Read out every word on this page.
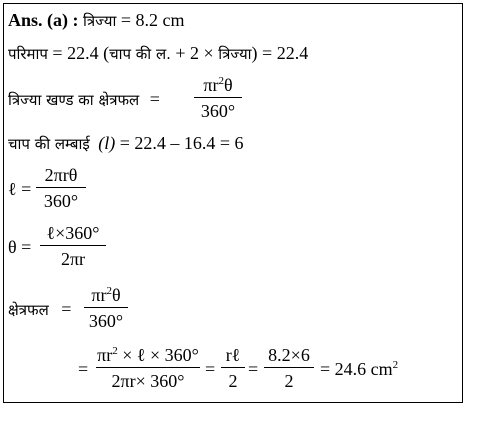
Ans. (a) : त्रिज्या = 8.2 cm
परिमाप = 22.4 (चाप की ल. + 2 × त्रिज्या) = 22.4
त्रिज्या खण्ड का क्षेत्रफल =
$\pi r^2\theta$
360°
चाप की लम्बाई (l) = 22.4 – 16.4 = 6
ℓ =
2πrθ
360°
θ =
ℓ×360°
2πr
क्षेत्रफल =
$\pi r^2\theta$
360°
=
$\pi r^2$ × ℓ × 360°
2πr× 360°
=
rℓ
2
=
8.2×6
2
= 24.6 $cm^2$
